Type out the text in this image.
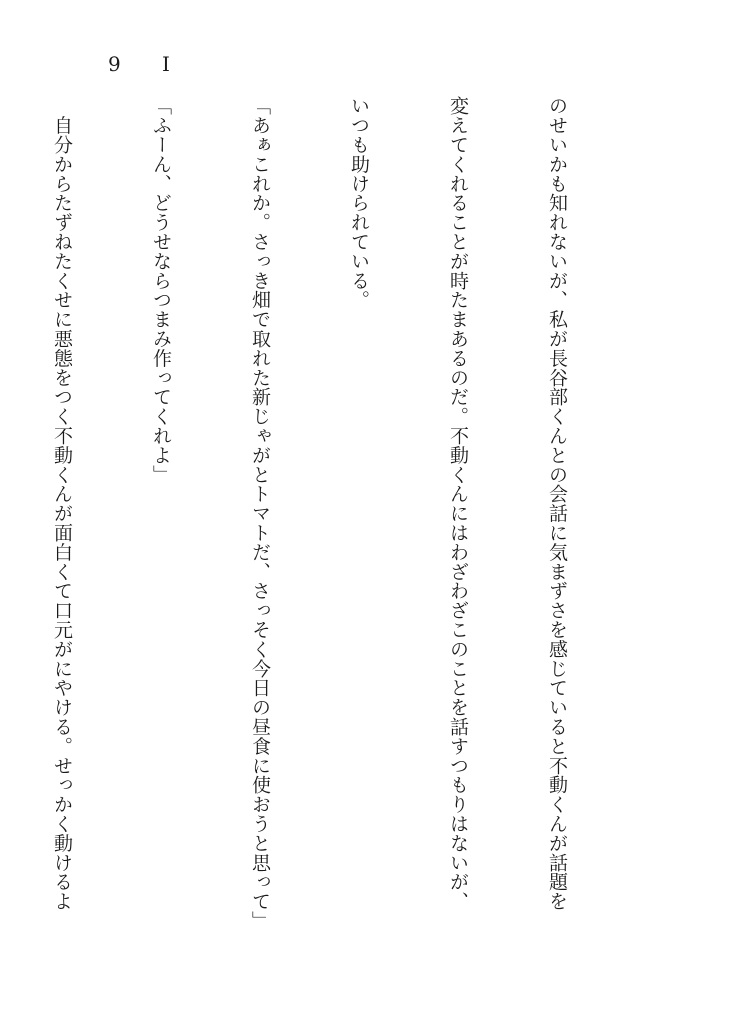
9 I

のせいかも知れないが、私が長谷部くんとの会話に気まずさを感じていると不動くんが話題を

変えてくれることが時たまあるのだ。不動くんにはわざわざこのことを話すつもりはないが、

いつも助けられている。

「あぁこれか。さっき畑で取れた新じゃがとトマトだ、さっそく今日の昼食に使おうと思って」

「ふーん、どうせならつまみ作ってくれよ」

　自分からたずねたくせに悪態をつく不動くんが面白くて口元がにやける。せっかく動けるよ
